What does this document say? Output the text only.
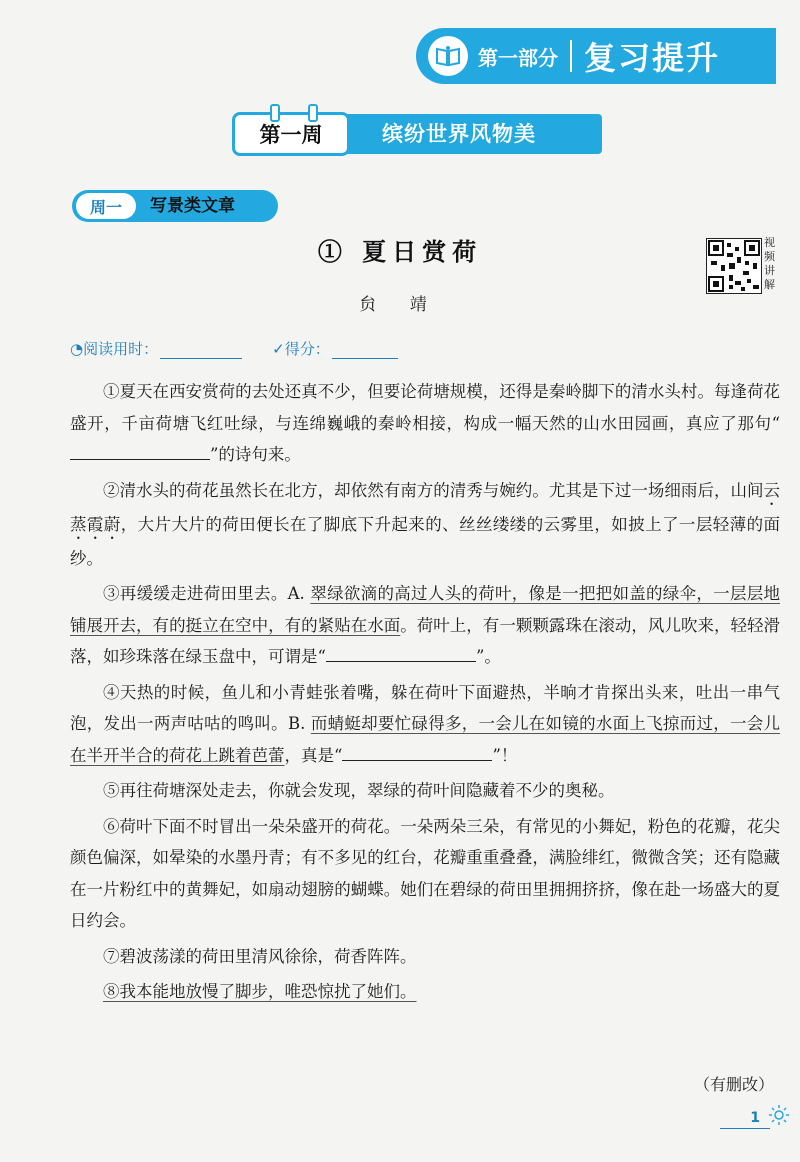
第一部分 复习提升
第一周	缤纷世界风物美
周一	写景类文章
① 夏日赏荷
贠 靖
视频讲解
◔阅读用时：	✓得分：

①夏天在西安赏荷的去处还真不少，但要论荷塘规模，还得是秦岭脚下的清水头村。每逢荷花盛开，千亩荷塘飞红吐绿，与连绵巍峨的秦岭相接，构成一幅天然的山水田园画，真应了那句“”的诗句来。

②清水头的荷花虽然长在北方，却依然有南方的清秀与婉约。尤其是下过一场细雨后，山间云蒸霞蔚，大片大片的荷田便长在了脚底下升起来的、丝丝缕缕的云雾里，如披上了一层轻薄的面纱。

③再缓缓走进荷田里去。A. 翠绿欲滴的高过人头的荷叶，像是一把把如盖的绿伞，一层层地铺展开去，有的挺立在空中，有的紧贴在水面。荷叶上，有一颗颗露珠在滚动，风儿吹来，轻轻滑落，如珍珠落在绿玉盘中，可谓是“	”。

④天热的时候，鱼儿和小青蛙张着嘴，躲在荷叶下面避热，半晌才肯探出头来，吐出一串气泡，发出一两声咕咕的鸣叫。B. 而蜻蜓却要忙碌得多，一会儿在如镜的水面上飞掠而过，一会儿在半开半合的荷花上跳着芭蕾，真是“	”！

⑤再往荷塘深处走去，你就会发现，翠绿的荷叶间隐藏着不少的奥秘。

⑥荷叶下面不时冒出一朵朵盛开的荷花。一朵两朵三朵，有常见的小舞妃，粉色的花瓣，花尖颜色偏深，如晕染的水墨丹青；有不多见的红台，花瓣重重叠叠，满脸绯红，微微含笑；还有隐藏在一片粉红中的黄舞妃，如扇动翅膀的蝴蝶。她们在碧绿的荷田里拥拥挤挤，像在赴一场盛大的夏日约会。

⑦碧波荡漾的荷田里清风徐徐，荷香阵阵。

⑧我本能地放慢了脚步，唯恐惊扰了她们。

（有删改）
1
